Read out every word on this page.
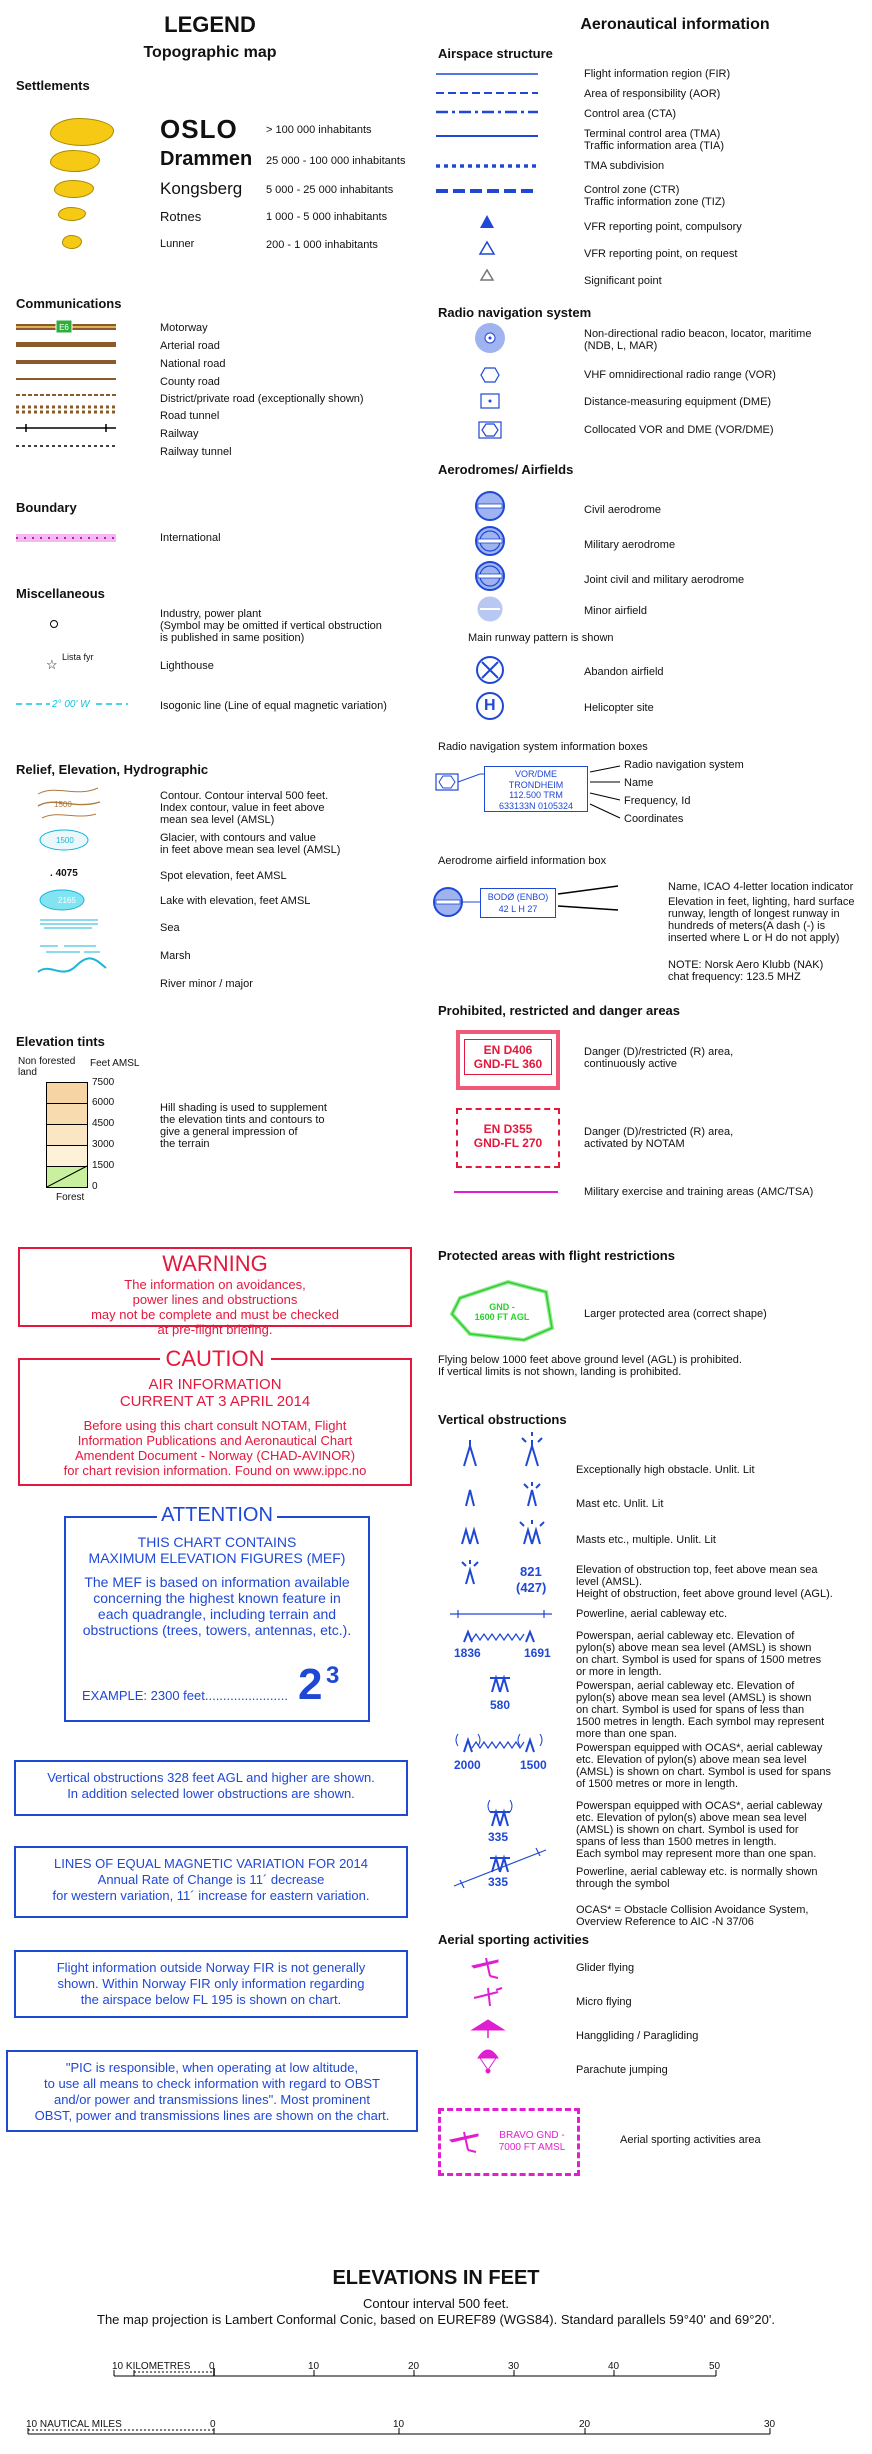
LEGEND
Topographic map
Aeronautical information
Settlements
OSLO	> 100 000 inhabitants
Drammen 25 000 - 100 000 inhabitants
Kongsberg 5 000 - 25 000 inhabitants
Rotnes	1 000 - 5 000 inhabitants
Lunner	200 - 1 000 inhabitants
Communications
E6	Motorway
Arterial road
National road
County road
District/private road (exceptionally shown)
Road tunnel
Railway
Railway tunnel
Boundary
International
Miscellaneous
Industry, power plant
(Symbol may be omitted if vertical obstruction
is published in same position)
☆ Lista fyr
Lighthouse
2° 00' W	Isogonic line (Line of equal magnetic variation)
Relief, Elevation, Hydrographic
1500
1500
. 4075
2165
Contour. Contour interval 500 feet.
Index contour, value in feet above
mean sea level (AMSL)
Glacier, with contours and value
in feet above mean sea level (AMSL)
Spot elevation, feet AMSL
Lake with elevation, feet AMSL
Sea
Marsh
River minor / major
Elevation tints
Non forested
land
Feet AMSL
7500
6000
4500
3000
1500
0
Forest
Hill shading is used to supplement
the elevation tints and contours to
give a general impression of
the terrain
WARNING
The information on avoidances,
power lines and obstructions
may not be complete and must be checked
at pre-flight briefing.
CAUTION
AIR INFORMATION
CURRENT AT 3 APRIL 2014
Before using this chart consult NOTAM, Flight
Information Publications and Aeronautical Chart
Amendent Document - Norway (CHAD-AVINOR)
for chart revision information. Found on www.ippc.no
ATTENTION
THIS CHART CONTAINS
MAXIMUM ELEVATION FIGURES (MEF)
The MEF is based on information available
concerning the highest known feature in
each quadrangle, including terrain and
obstructions (trees, towers, antennas, etc.).
EXAMPLE: 2300 feet....................... 2 3
Vertical obstructions 328 feet AGL and higher are shown.
In addition selected lower obstructions are shown.
LINES OF EQUAL MAGNETIC VARIATION FOR 2014
Annual Rate of Change is 11´ decrease
for western variation, 11´ increase for eastern variation.
Flight information outside Norway FIR is not generally
shown. Within Norway FIR only information regarding
the airspace below FL 195 is shown on chart.
"PIC is responsible, when operating at low altitude,
to use all means to check information with regard to OBST
and/or power and transmissions lines". Most prominent
OBST, power and transmissions lines are shown on the chart.
Airspace structure
Flight information region (FIR)
Area of responsibility (AOR)
Control area (CTA)
Terminal control area (TMA)
Traffic information area (TIA)
TMA subdivision
Control zone (CTR)
Traffic information zone (TIZ)
VFR reporting point, compulsory
VFR reporting point, on request
Significant point
Radio navigation system
Non-directional radio beacon, locator, maritime
(NDB, L, MAR)
VHF omnidirectional radio range (VOR)
Distance-measuring equipment (DME)
Collocated VOR and DME (VOR/DME)
Aerodromes/ Airfields
H
Civil aerodrome
Military aerodrome
Joint civil and military aerodrome
Minor airfield
Main runway pattern is shown
Abandon airfield
Helicopter site
Radio navigation system information boxes
VOR/DME
TRONDHEIM
112.500 TRM
633133N 0105324
Radio navigation system
Name
Frequency, Id
Coordinates
Aerodrome airfield information box
BODØ (ENBO)
42 L H 27
Name, ICAO 4-letter location indicator
Elevation in feet, lighting, hard surface
runway, length of longest runway in
hundreds of meters(A dash (-) is
inserted where L or H do not apply)
NOTE: Norsk Aero Klubb (NAK)
chat frequency: 123.5 MHZ
Prohibited, restricted and danger areas
EN D406
GND-FL 360
Danger (D)/restricted (R) area,
continuously active
EN D355
GND-FL 270
Danger (D)/restricted (R) area,
activated by NOTAM
Military exercise and training areas (AMC/TSA)
Protected areas with flight restrictions
GND -
1600 FT AGL	Larger protected area (correct shape)
Flying below 1000 feet above ground level (AGL) is prohibited.
If vertical limits is not shown, landing is prohibited.
Vertical obstructions
821
(427)
1836	1691
580
2000	1500
335
335
Exceptionally high obstacle. Unlit. Lit
Mast etc. Unlit. Lit
Masts etc., multiple. Unlit. Lit
Elevation of obstruction top, feet above mean sea
level (AMSL).
Height of obstruction, feet above ground level (AGL).
Powerline, aerial cableway etc.
Powerspan, aerial cableway etc. Elevation of
pylon(s) above mean sea level (AMSL) is shown
on chart. Symbol is used for spans of 1500 metres
or more in length.
Powerspan, aerial cableway etc. Elevation of
pylon(s) above mean sea level (AMSL) is shown
on chart. Symbol is used for spans of less than
1500 metres in length. Each symbol may represent
more than one span.
Powerspan equipped with OCAS*, aerial cableway
etc. Elevation of pylon(s) above mean sea level
(AMSL) is shown on chart. Symbol is used for spans
of 1500 metres or more in length.
Powerspan equipped with OCAS*, aerial cableway
etc. Elevation of pylon(s) above mean sea level
(AMSL) is shown on chart. Symbol is used for
spans of less than 1500 metres in length.
Each symbol may represent more than one span.
Powerline, aerial cableway etc. is normally shown
through the symbol
OCAS* = Obstacle Collision Avoidance System,
Overview Reference to AIC -N 37/06
Aerial sporting activities
Glider flying
Micro flying
Hanggliding / Paragliding
Parachute jumping
BRAVO GND -
7000 FT AMSL
Aerial sporting activities area
ELEVATIONS IN FEET
Contour interval 500 feet.
The map projection is Lambert Conformal Conic, based on EUREF89 (WGS84). Standard parallels 59°40' and 69°20'.
10 KILOMETRES 0	10	20	30	40	50
10 NAUTICAL MILES	0	10	20	30
